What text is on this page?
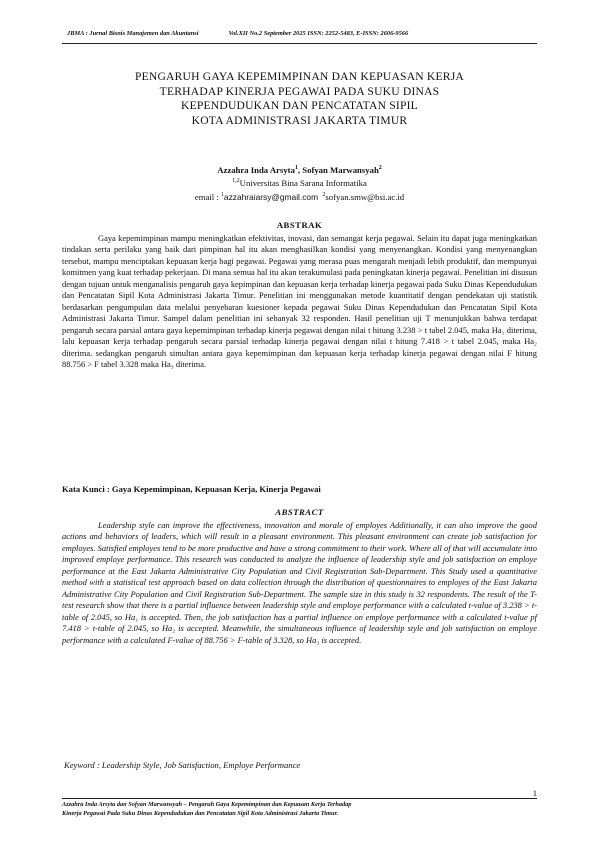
JBMA : Jurnal Bisnis Manajemen dan Akuntansi	Vol.XII No.2 September 2025 ISSN: 2252-5483, E-ISSN: 2606-9566
PENGARUH GAYA KEPEMIMPINAN DAN KEPUASAN KERJA
TERHADAP KINERJA PEGAWAI PADA SUKU DINAS
KEPENDUDUKAN DAN PENCATATAN SIPIL
KOTA ADMINISTRASI JAKARTA TIMUR
Azzahra Inda Arsyta$^1$, Sofyan Marwansyah$^2$
$^{1,2}$Universitas Bina Sarana Informatika
email : $^1$azzahraiarsy@gmail.com $^2$sofyan.smw@bsi.ac.id
ABSTRAK
Gaya kepemimpinan mampu meningkatkan efektivitas, inovasi, dan semangat kerja pegawai. Selain itu dapat juga meningkatkan tindakan serta perilaku yang baik dari pimpinan hal itu akan menghasilkan kondisi yang menyenangkan. Kondisi yang menyenangkan tersebut, mampu menciptakan kepuasan kerja bagi pegawai. Pegawai yang merasa puas mengarah menjadi lebih produktif, dan mempunyai komitmen yang kuat terhadap pekerjaan. Di mana semua hal itu akan terakumulasi pada peningkatan kinerja pegawai. Penelitian ini disusun dengan tujuan untuk menganalisis pengaruh gaya kepimpinan dan kepuasan kerja terhadap kinerja pegawai pada Suku Dinas Kependudukan dan Pencatatan Sipil Kota Administrasi Jakarta Timur. Penelitian ini menggunakan metode kuantitatif dengan pendekatan uji statistik berdasarkan pengumpulan data melalui penyebaran kuesioner kepada pegawai Suku Dinas Kependudukan dan Pencatatan Sipil Kota Administrasi Jakarta Timur. Sampel dalam penelitian ini sebanyak 32 responden. Hasil penelitian uji T menunjukkan bahwa terdapat pengaruh secara parsial antara gaya kepemimpinan terhadap kinerja pegawai dengan nilai t hitung 3.238 > t tabel 2.045, maka Ha₁ diterima, lalu kepuasan kerja terhadap pengaruh secara parsial terhadap kinerja pegawai dengan nilai t hitung 7.418 > t tabel 2.045, maka Ha₂ diterima. sedangkan pengaruh simultan antara gaya kepemimpinan dan kepuasan kerja terhadap kinerja pegawai dengan nilai F hitung 88.756 > F tabel 3.328 maka Ha₃ diterima.
Kata Kunci : Gaya Kepemimpinan, Kepuasan Kerja, Kinerja Pegawai
ABSTRACT
Leadership style can improve the effectiveness, innovation and morale of employes Additionally, it can also improve the good actions and behaviors of leaders, which will result in a pleasant environment. This pleasant environment can create job satisfaction for employes. Satisfied employes tend to be more productive and have a strong commitment to their work. Where all of that will accumulate into improved employe performance. This research was conducted to analyze the influence of leadership style and job satisfaction on employe performance at the East Jakarta Administrative City Population and Civil Registration Sub-Department. This Study used a quantitative method with a statistical test approach based on data collection through the distribution of questionnaires to employes of the East Jakarta Administrative City Population and Civil Registration Sub-Department. The sample size in this study is 32 respondents. The result of the T-test research show that there is a partial influence between leadership style and employe performance with a calculated t-value of 3.238 > t-table of 2.045, so Ha₁ is accepted. Then, the job satisfaction has a partial influence on employe performance with a calculated t-value pf 7.418 > t-table of 2.045, so Ha₂ is accepted. Meanwhile, the simultaneous influence of leadership style and job satisfaction on employe performance with a calculated F-value of 88.756 > F-table of 3.328, so Ha₃ is accepted.
Keyword : Leadership Style, Job Satisfaction, Employe Performance
1
Azzahra Inda Arsyta dan Sofyan Marwansyah – Pengaruh Gaya Kepemimpinan dan Kepuasan Kerja Terhadap
Kinerja Pegawai Pada Suku Dinas Kependudukan dan Pencatatan Sipil Kota Administrasi Jakarta Timur.
